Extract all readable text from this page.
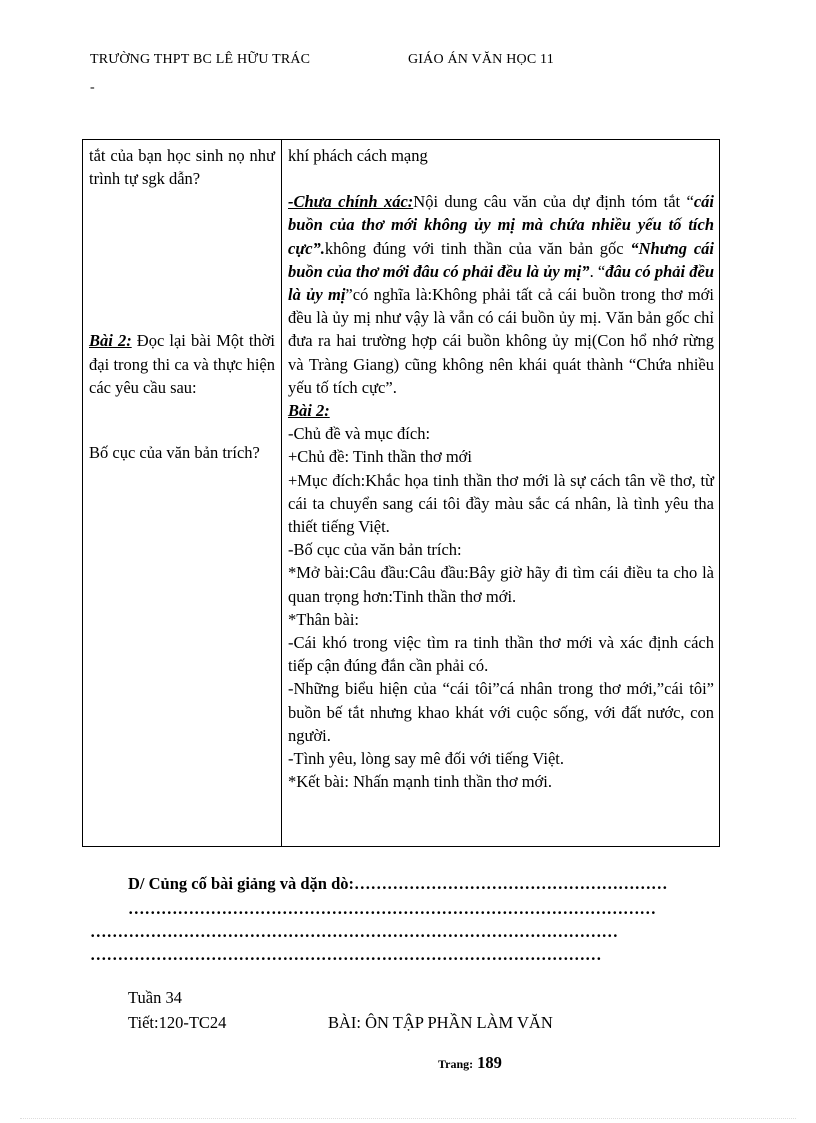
TRƯỜNG THPT BC LÊ HỮU TRÁC	GIÁO ÁN VĂN HỌC 11
-

tắt của bạn học sinh nọ như trình tự sgk dẫn?

Bài 2: Đọc lại bài Một thời đại trong thi ca và thực hiện các yêu cầu sau:

Bố cục của văn bản trích?

khí phách cách mạng

-Chưa chính xác:Nội dung câu văn của dự định tóm tắt “cái buồn của thơ mới không ủy mị mà chứa nhiều yếu tố tích cực”.không đúng với tinh thần của văn bản gốc “Nhưng cái buồn của thơ mới đâu có phải đều là ủy mị”. “đâu có phải đều là ủy mị”có nghĩa là:Không phải tất cả cái buồn trong thơ mới đều là ủy mị như vậy là vẫn có cái buồn ủy mị. Văn bản gốc chỉ đưa ra hai trường hợp cái buồn không ủy mị(Con hổ nhớ rừng và Tràng Giang) cũng không nên khái quát thành “Chứa nhiều yếu tố tích cực”.

Bài 2:

-Chủ đề và mục đích:

+Chủ đề: Tinh thần thơ mới

+Mục đích:Khắc họa tinh thần thơ mới là sự cách tân về thơ, từ cái ta chuyển sang cái tôi đầy màu sắc cá nhân, là tình yêu tha thiết tiếng Việt.

-Bố cục của văn bản trích:

*Mở bài:Câu đầu:Câu đầu:Bây giờ hãy đi tìm cái điều ta cho là quan trọng hơn:Tinh thần thơ mới.

*Thân bài:

-Cái khó trong việc tìm ra tinh thần thơ mới và xác định cách tiếp cận đúng đắn cần phải có.

-Những biểu hiện của “cái tôi”cá nhân trong thơ mới,”cái tôi” buồn bế tắt nhưng khao khát với cuộc sống, với đất nước, con người.

-Tình yêu, lòng say mê đối với tiếng Việt.

*Kết bài: Nhấn mạnh tinh thần thơ mới.

D/ Củng cố bài giảng và dặn dò:…………………………………………………
……………………………………………………………………………………
……………………………………………………………………………………
…………………………………………………………………………………
Tuần 34
Tiết:120-TC24	BÀI: ÔN TẬP PHẦN LÀM VĂN
Trang: 189
